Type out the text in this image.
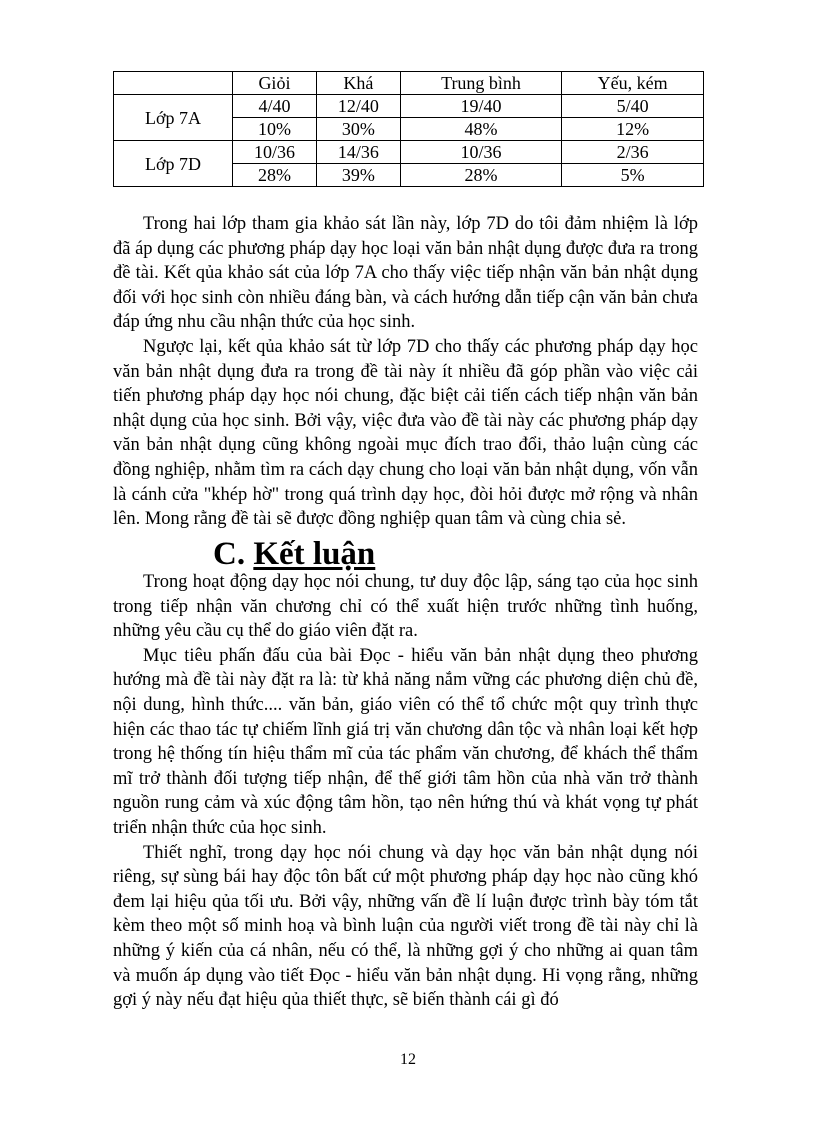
	Giỏi	Khá	Trung bình	Yếu, kém
Lớp 7A	4/40	12/40	19/40	5/40
	10%	30%	48%	12%
Lớp 7D	10/36	14/36	10/36	2/36
	28%	39%	28%	5%

Trong hai lớp tham gia khảo sát lần này, lớp 7D do tôi đảm nhiệm là lớp đã áp dụng các phương pháp dạy học loại văn bản nhật dụng được đưa ra trong đề tài. Kết qủa khảo sát của lớp 7A cho thấy việc tiếp nhận văn bản nhật dụng đối với học sinh còn nhiều đáng bàn, và cách hướng dẫn tiếp cận văn bản chưa đáp ứng nhu cầu nhận thức của học sinh.

Ngược lại, kết qủa khảo sát từ lớp 7D cho thấy các phương pháp dạy học văn bản nhật dụng đưa ra trong đề tài này ít nhiều đã góp phần vào việc cải tiến phương pháp dạy học nói chung, đặc biệt cải tiến cách tiếp nhận văn bản nhật dụng của học sinh. Bởi vậy, việc đưa vào đề tài này các phương pháp dạy văn bản nhật dụng cũng không ngoài mục đích trao đổi, thảo luận cùng các đồng nghiệp, nhằm tìm ra cách dạy chung cho loại văn bản nhật dụng, vốn vẫn là cánh cửa "khép hờ" trong quá trình dạy học, đòi hỏi được mở rộng và nhân lên. Mong rằng đề tài sẽ được đồng nghiệp quan tâm và cùng chia sẻ.

C. Kết luận

Trong hoạt động dạy học nói chung, tư duy độc lập, sáng tạo của học sinh trong tiếp nhận văn chương chỉ có thể xuất hiện trước những tình huống, những yêu cầu cụ thể do giáo viên đặt ra.

Mục tiêu phấn đấu của bài Đọc - hiểu văn bản nhật dụng theo phương hướng mà đề tài này đặt ra là: từ khả năng nắm vững các phương diện chủ đề, nội dung, hình thức.... văn bản, giáo viên có thể tổ chức một quy trình thực hiện các thao tác tự chiếm lĩnh giá trị văn chương dân tộc và nhân loại kết hợp trong hệ thống tín hiệu thẩm mĩ của tác phẩm văn chương, để khách thể thẩm mĩ trở thành đối tượng tiếp nhận, để thế giới tâm hồn của nhà văn trở thành nguồn rung cảm và xúc động tâm hồn, tạo nên hứng thú và khát vọng tự phát triển nhận thức của học sinh.

Thiết nghĩ, trong dạy học nói chung và dạy học văn bản nhật dụng nói riêng, sự sùng bái hay độc tôn bất cứ một phương pháp dạy học nào cũng khó đem lại hiệu qủa tối ưu. Bởi vậy, những vấn đề lí luận được trình bày tóm tắt kèm theo một số minh hoạ và bình luận của người viết trong đề tài này chỉ là những ý kiến của cá nhân, nếu có thể, là những gợi ý cho những ai quan tâm và muốn áp dụng vào tiết Đọc - hiểu văn bản nhật dụng. Hi vọng rằng, những gợi ý này nếu đạt hiệu qủa thiết thực, sẽ biến thành cái gì đó

12
